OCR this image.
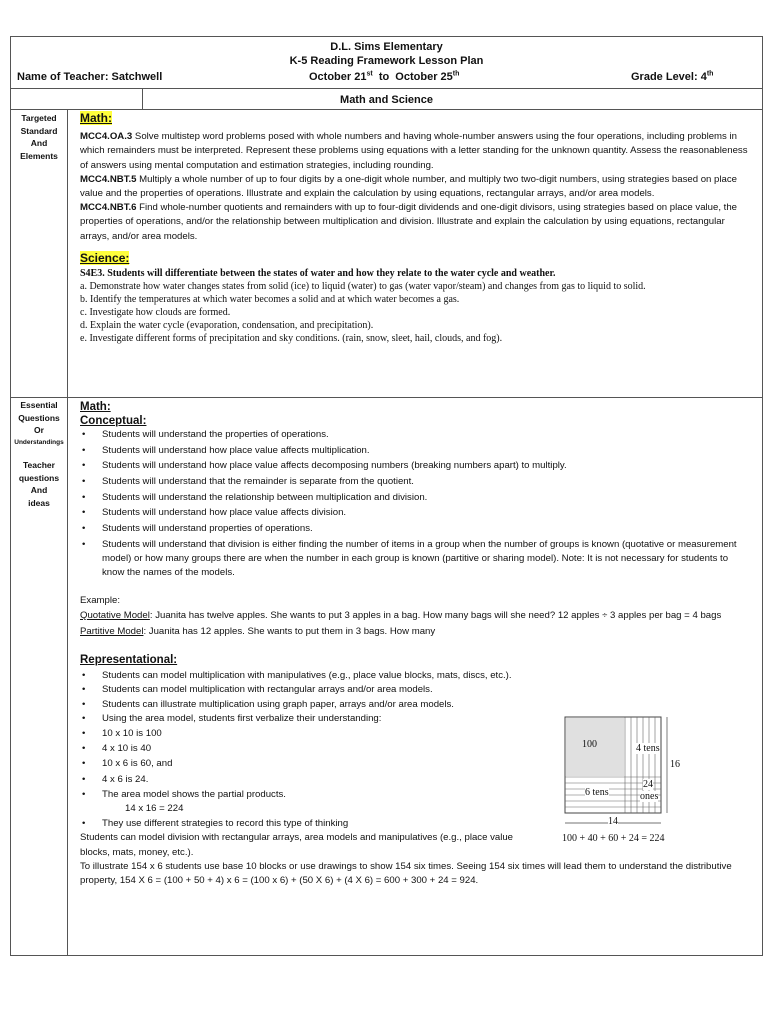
D.L. Sims Elementary
K-5 Reading Framework Lesson Plan
Name of Teacher: Satchwell	October 21st  to  October 25th	Grade Level: 4th
Math and Science
Targeted
Standard
And
Elements
Essential
Questions
Or
Understandings
Teacher
questions
And
ideas

Math:

MCC4.OA.3 Solve multistep word problems posed with whole numbers and having whole-number answers using the four operations, including problems in which remainders must be interpreted. Represent these problems using equations with a letter standing for the unknown quantity. Assess the reasonableness of answers using mental computation and estimation strategies, including rounding.

MCC4.NBT.5 Multiply a whole number of up to four digits by a one-digit whole number, and multiply two two-digit numbers, using strategies based on place value and the properties of operations. Illustrate and explain the calculation by using equations, rectangular arrays, and/or area models.

MCC4.NBT.6 Find whole-number quotients and remainders with up to four-digit dividends and one-digit divisors, using strategies based on place value, the properties of operations, and/or the relationship between multiplication and division. Illustrate and explain the calculation by using equations, rectangular arrays, and/or area models.

Science:

S4E3. Students will differentiate between the states of water and how they relate to the water cycle and weather.

a. Demonstrate how water changes states from solid (ice) to liquid (water) to gas (water vapor/steam) and changes from gas to liquid to solid.

b. Identify the temperatures at which water becomes a solid and at which water becomes a gas.

c. Investigate how clouds are formed.

d. Explain the water cycle (evaporation, condensation, and precipitation).

e. Investigate different forms of precipitation and sky conditions. (rain, snow, sleet, hail, clouds, and fog).

Math:

Conceptual:

• Students will understand the properties of operations.
• Students will understand how place value affects multiplication.
• Students will understand how place value affects decomposing numbers (breaking numbers apart) to multiply.
• Students will understand that the remainder is separate from the quotient.
• Students will understand the relationship between multiplication and division.
• Students will understand how place value affects division.
• Students will understand properties of operations.
• Students will understand that division is either finding the number of items in a group when the number of groups is known (quotative or measurement model) or how many groups there are when the number in each group is known (partitive or sharing model). Note: It is not necessary for students to know the names of the models.

Example:

Quotative Model: Juanita has twelve apples. She wants to put 3 apples in a bag. How many bags will she need? 12 apples ÷ 3 apples per bag = 4 bags

Partitive Model: Juanita has 12 apples. She wants to put them in 3 bags. How many

Representational:

• Students can model multiplication with manipulatives (e.g., place value blocks, mats, discs, etc.).
• Students can model multiplication with rectangular arrays and/or area models.
• Students can illustrate multiplication using graph paper, arrays and/or area models.
• Using the area model, students first verbalize their understanding:
• 10 x 10 is 100
• 4 x 10 is 40
• 10 x 6 is 60, and
• 4 x 6 is 24.
• The area model shows the partial products.

14 x 16 = 224

• They use different strategies to record this type of thinking

Students can model division with rectangular arrays, area models and manipulatives (e.g., place value blocks, mats, money, etc.).

To illustrate 154 x 6 students use base 10 blocks or use drawings to show 154 six times. Seeing 154 six times will lead them to understand the distributive property, 154 X 6 = (100 + 50 + 4) x 6 = (100 x 6) + (50 X 6) + (4 X 6) = 600 + 300 + 24 = 924.

100	4 tens
6 tens
24
ones
16
14
100 + 40 + 60 + 24 = 224
